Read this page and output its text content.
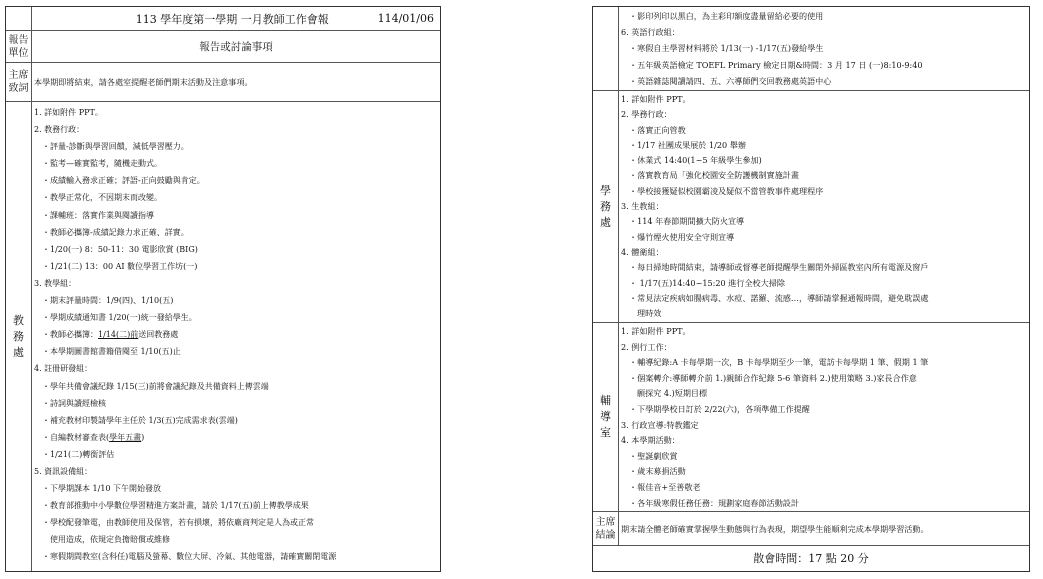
113 學年度第一學期 一月教師工作會報	114/01/06
報告
單位
報告或討論事項
主席
致詞
本學期即將結束，請各處室提醒老師們期末活動及注意事項。
教
務
處
1. 詳如附件 PPT。
2. 教務行政：
・評量-診斷與學習回饋，減低學習壓力。
・監考—確實監考，隨機走動式。
・成績輸入務求正確；評語-正向鼓勵與肯定。
・教學正常化，不因期末而改變。
・課輔班：落實作業與閱讀指導
・教師必攜簿-成績記錄力求正確、詳實。
・1/20(一) 8：50-11：30 電影欣賞 (BIG)
・1/21(二) 13：00 AI 數位學習工作坊(一)
3. 教學組：
・期末評量時間：1/9(四)、1/10(五)
・學期成績通知書 1/20(一)統一發給學生。
・教師必攜簿：1/14(二)前送回教務處
・本學期圖書館書籍借閱至 1/10(五)止
4. 註冊研發組：
・學年共備會議紀錄 1/15(三)前將會議紀錄及共備資料上傳雲端
・詩詞與讀經檢核
・補充教材印製請學年主任於 1/3(五)完成需求表(雲端)
・自編教材審查表(學年五畫)
・1/21(二)轉銜評估
5. 資訊設備組：
・下學期課本 1/10 下午開始發放
・教育部推動中小學數位學習精進方案計畫，請於 1/17(五)前上傳教學成果
・學校配發筆電，由教師使用及保管，若有損壞，將依廠商判定是人為或正常
使用造成，依規定負擔賠償或維修
・寒假期間教室(含科任)電腦及螢幕、數位大屏、冷氣、其他電器，請確實關閉電源
・影印列印以黑白，為主彩印額度盡量留給必要的使用
6. 英語行政組：
・寒假自主學習材料將於 1/13(一) -1/17(五)發給學生
・五年級英語檢定 TOEFL Primary 檢定日期&時間：3 月 17 日 (一)8:10-9:40
・英語雜誌閱讀請四、五、六導師們交回教務處英語中心
學
務
處
1. 詳如附件 PPT。
2. 學務行政：
・落實正向管教
・1/17 社團成果展於 1/20 舉辦
・休業式 14:40(1~5 年級學生參加)
・落實教育局「強化校園安全防護機制實施計畫
・學校接獲疑似校園霸凌及疑似不當管教事件處理程序
3. 生教組：
・114 年春節期間擴大防火宣導
・爆竹煙火使用安全守則宣導
4. 體衛組：
・每日掃地時間結束，請導師或督導老師提醒學生關閉外掃區教室內所有電源及窗戶
・ 1/17(五)14:40~15:20 進行全校大掃除
・常見法定疾病如腸病毒、水痘、諾羅、流感…，導師請掌握通報時間，避免耽誤處
理時效
輔
導
室
1. 詳如附件 PPT。
2. 例行工作：
・輔導紀錄:A 卡每學期一次，B 卡每學期至少一筆，電訪卡每學期 1 筆、假期 1 筆
・個案轉介:導師轉介前 1.)親師合作紀錄 5-6 筆資料 2.)使用策略 3.)家長合作意
願探究 4.)短期目標
・下學期學校日訂於 2/22(六)，各項準備工作提醒
3. 行政宣導:特教鑑定
4. 本學期活動：
・聖誕劇欣賞
・歲末募捐活動
・報佳音+至善敬老
・各年級寒假任務任務：規劃家庭春節活動設計
主席
結論
期末請全體老師確實掌握學生動態與行為表現，期望學生能順利完成本學期學習活動。
散會時間：17 點 20 分
